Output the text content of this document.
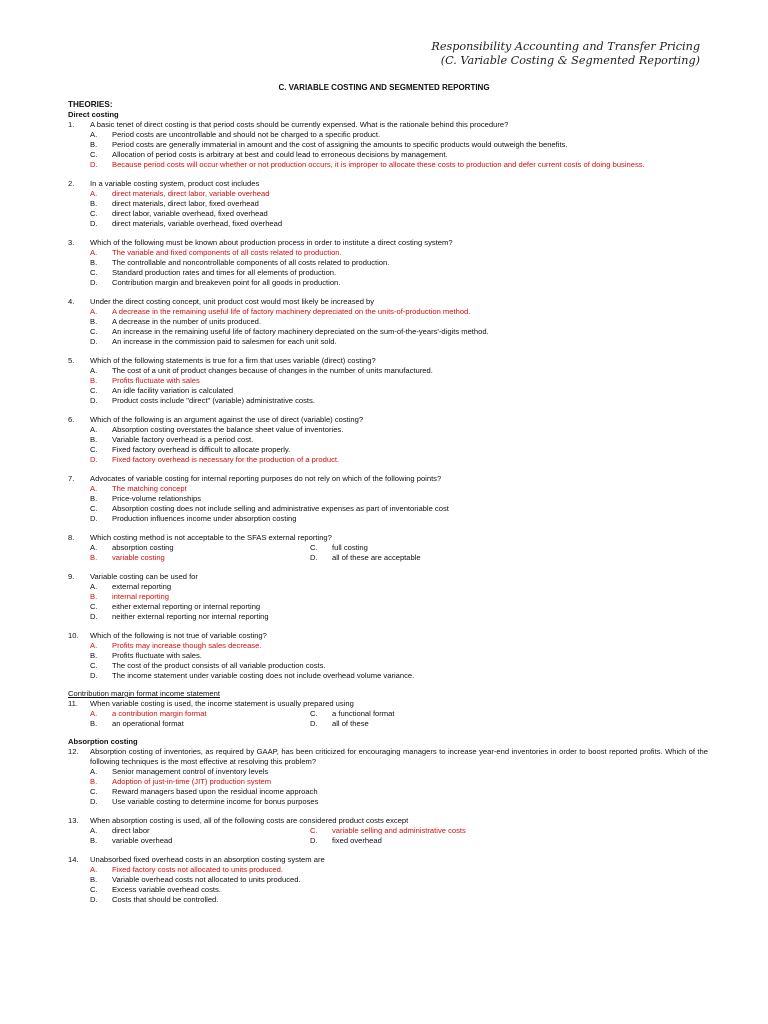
Responsibility Accounting and Transfer Pricing
(C. Variable Costing & Segmented Reporting)
C. VARIABLE COSTING AND SEGMENTED REPORTING
THEORIES:
Direct costing
1.	A basic tenet of direct costing is that period costs should be currently expensed. What is the rationale behind this procedure?
A.	Period costs are uncontrollable and should not be charged to a specific product.
B.	Period costs are generally immaterial in amount and the cost of assigning the amounts to specific products would outweigh the benefits.
C.	Allocation of period costs is arbitrary at best and could lead to erroneous decisions by management.
D.	Because period costs will occur whether or not production occurs, it is improper to allocate these costs to production and defer current costs of doing business.
2.	In a variable costing system, product cost includes
A.	direct materials, direct labor, variable overhead
B.	direct materials, direct labor, fixed overhead
C.	direct labor, variable overhead, fixed overhead
D.	direct materials, variable overhead, fixed overhead
3.	Which of the following must be known about production process in order to institute a direct costing system?
A.	The variable and fixed components of all costs related to production.
B.	The controllable and noncontrollable components of all costs related to production.
C.	Standard production rates and times for all elements of production.
D.	Contribution margin and breakeven point for all goods in production.
4.	Under the direct costing concept, unit product cost would most likely be increased by
A.	A decrease in the remaining useful life of factory machinery depreciated on the units-of-production method.
B.	A decrease in the number of units produced.
C.	An increase in the remaining useful life of factory machinery depreciated on the sum-of-the-years'-digits method.
D.	An increase in the commission paid to salesmen for each unit sold.
5.	Which of the following statements is true for a firm that uses variable (direct) costing?
A.	The cost of a unit of product changes because of changes in the number of units manufactured.
B.	Profits fluctuate with sales
C.	An idle facility variation is calculated
D.	Product costs include "direct" (variable) administrative costs.
6.	Which of the following is an argument against the use of direct (variable) costing?
A.	Absorption costing overstates the balance sheet value of inventories.
B.	Variable factory overhead is a period cost.
C.	Fixed factory overhead is difficult to allocate properly.
D.	Fixed factory overhead is necessary for the production of a product.
7.	Advocates of variable costing for internal reporting purposes do not rely on which of the following points?
A.	The matching concept
B.	Price-volume relationships
C.	Absorption costing does not include selling and administrative expenses as part of inventoriable cost
D.	Production influences income under absorption costing
8.	Which costing method is not acceptable to the SFAS external reporting?
A.	absorption costing	C.	full costing
B.	variable costing	D.	all of these are acceptable
9.	Variable costing can be used for
A.	external reporting
B.	internal reporting
C.	either external reporting or internal reporting
D.	neither external reporting nor internal reporting
10.	Which of the following is not true of variable costing?
A.	Profits may increase though sales decrease.
B.	Profits fluctuate with sales.
C.	The cost of the product consists of all variable production costs.
D.	The income statement under variable costing does not include overhead volume variance.
Contribution margin format income statement
11.	When variable costing is used, the income statement is usually prepared using
A.	a contribution margin format	C.	a functional format
B.	an operational format	D.	all of these
Absorption costing
12.	Absorption costing of inventories, as required by GAAP, has been criticized for encouraging managers to increase year-end inventories in order to boost reported profits. Which of the following techniques is the most effective at resolving this problem?
A.	Senior management control of inventory levels
B.	Adoption of just-in-time (JIT) production system
C.	Reward managers based upon the residual income approach
D.	Use variable costing to determine income for bonus purposes
13.	When absorption costing is used, all of the following costs are considered product costs except
A.	direct labor	C.	variable selling and administrative costs
B.	variable overhead	D.	fixed overhead
14.	Unabsorbed fixed overhead costs in an absorption costing system are
A.	Fixed factory costs not allocated to units produced.
B.	Variable overhead costs not allocated to units produced.
C.	Excess variable overhead costs.
D.	Costs that should be controlled.
